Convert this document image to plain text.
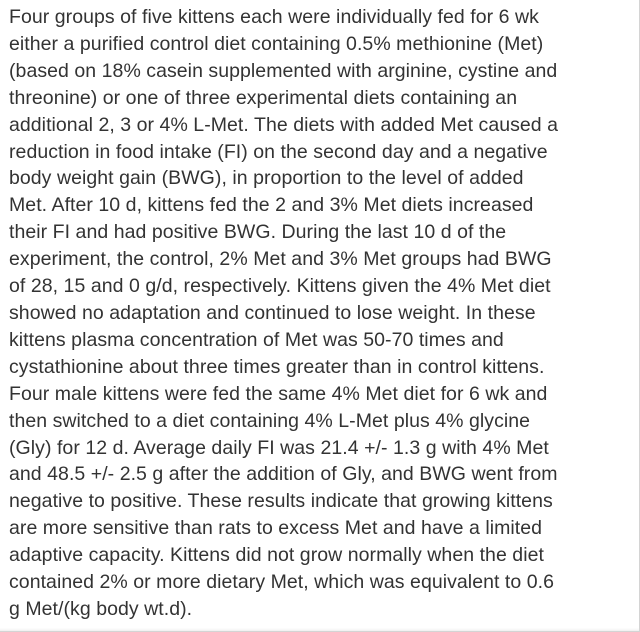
Four groups of five kittens each were individually fed for 6 wk
either a purified control diet containing 0.5% methionine (Met)
(based on 18% casein supplemented with arginine, cystine and
threonine) or one of three experimental diets containing an
additional 2, 3 or 4% L-Met. The diets with added Met caused a
reduction in food intake (FI) on the second day and a negative
body weight gain (BWG), in proportion to the level of added
Met. After 10 d, kittens fed the 2 and 3% Met diets increased
their FI and had positive BWG. During the last 10 d of the
experiment, the control, 2% Met and 3% Met groups had BWG
of 28, 15 and 0 g/d, respectively. Kittens given the 4% Met diet
showed no adaptation and continued to lose weight. In these
kittens plasma concentration of Met was 50-70 times and
cystathionine about three times greater than in control kittens.
Four male kittens were fed the same 4% Met diet for 6 wk and
then switched to a diet containing 4% L-Met plus 4% glycine
(Gly) for 12 d. Average daily FI was 21.4 +/- 1.3 g with 4% Met
and 48.5 +/- 2.5 g after the addition of Gly, and BWG went from
negative to positive. These results indicate that growing kittens
are more sensitive than rats to excess Met and have a limited
adaptive capacity. Kittens did not grow normally when the diet
contained 2% or more dietary Met, which was equivalent to 0.6
g Met/(kg body wt.d).
